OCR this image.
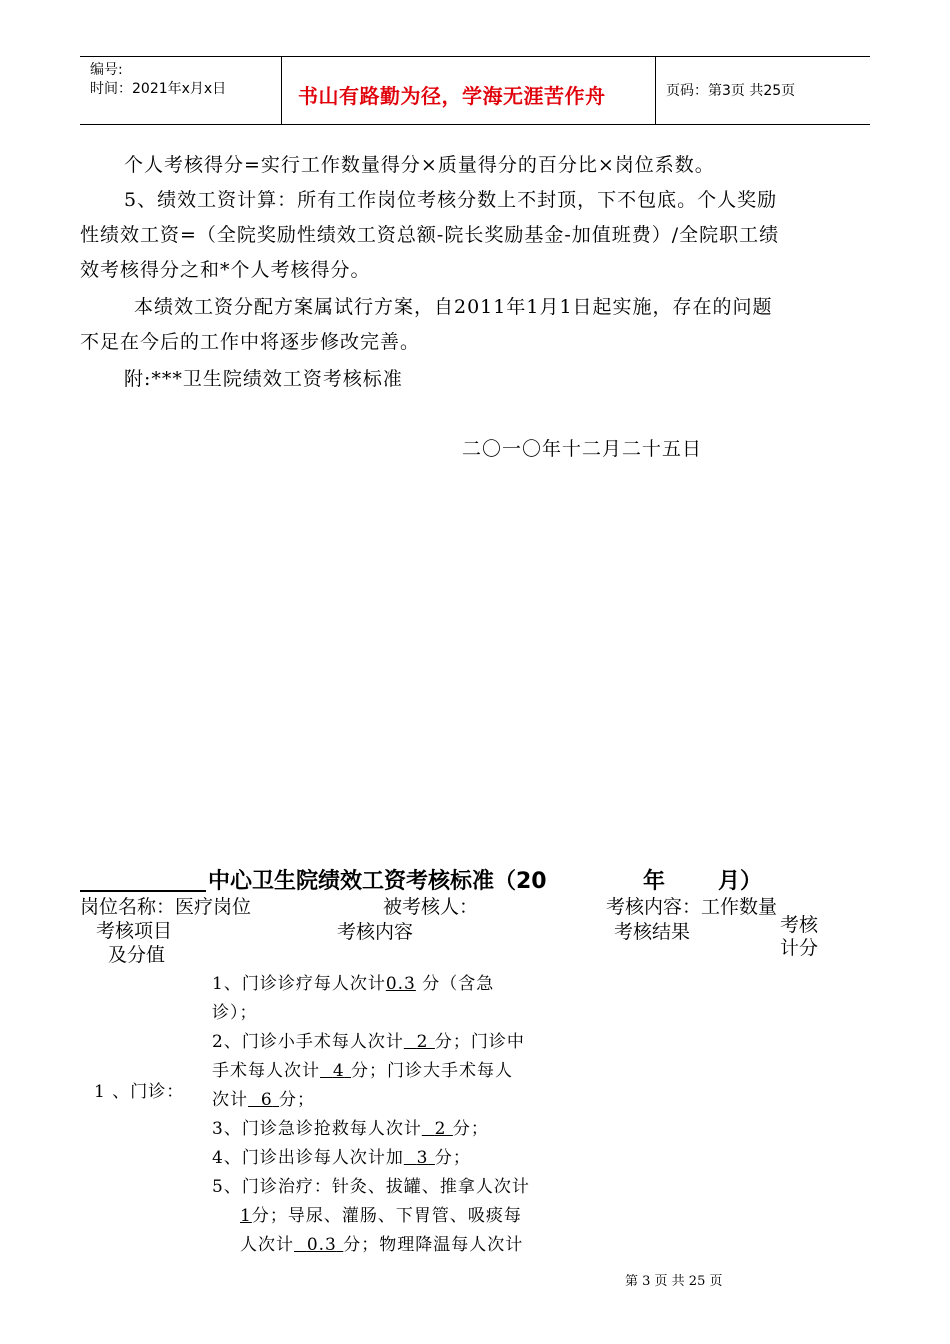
编号:
时间：2021年x月x日	书山有路勤为径，学海无涯苦作舟	页码：第3页 共25页
个人考核得分=实行工作数量得分×质量得分的百分比×岗位系数。
5、绩效工资计算：所有工作岗位考核分数上不封顶，下不包底。个人奖励
性绩效工资=（全院奖励性绩效工资总额-院长奖励基金-加值班费）/全院职工绩
效考核得分之和*个人考核得分。
本绩效工资分配方案属试行方案，自2011年1月1日起实施，存在的问题
不足在今后的工作中将逐步修改完善。
附:***卫生院绩效工资考核标准
二〇一〇年十二月二十五日
中心卫生院绩效工资考核标准（20	年 月）
岗位名称：医疗岗位	被考核人：	考核内容：工作数量
考核项目
及分值
考核内容	考核结果	考核
计分
1 、门诊：
1、门诊诊疗每人次计0.3 分（含急
诊）；
2、门诊小手术每人次计 2 分；门诊中
手术每人次计 4 分；门诊大手术每人
次计 6 分；
3、门诊急诊抢救每人次计 2 分；
4、门诊出诊每人次计加 3 分；
5、门诊治疗：针灸、拔罐、推拿人次计
1分；导尿、灌肠、下胃管、吸痰每
人次计 0.3 分；物理降温每人次计
第 3 页 共 25 页
